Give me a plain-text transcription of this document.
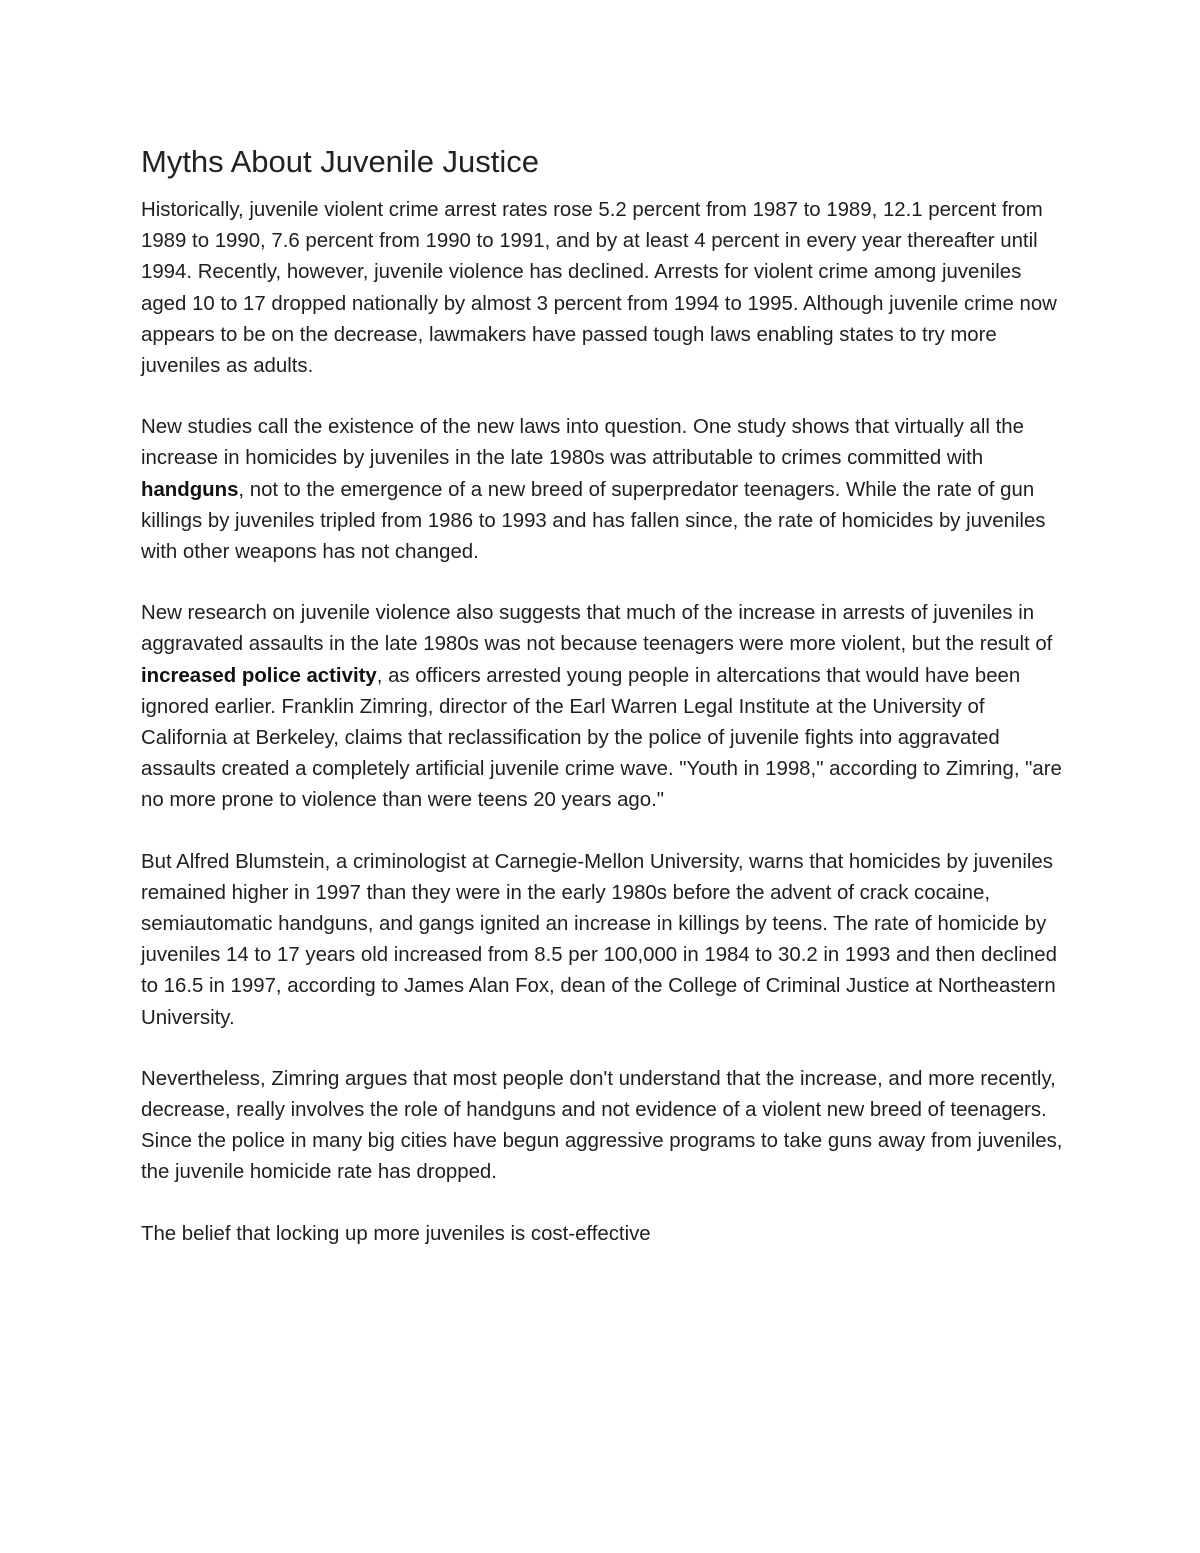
Myths About Juvenile Justice

Historically, juvenile violent crime arrest rates rose 5.2 percent from 1987 to 1989, 12.1 percent from 1989 to 1990, 7.6 percent from 1990 to 1991, and by at least 4 percent in every year thereafter until 1994. Recently, however, juvenile violence has declined. Arrests for violent crime among juveniles aged 10 to 17 dropped nationally by almost 3 percent from 1994 to 1995. Although juvenile crime now appears to be on the decrease, lawmakers have passed tough laws enabling states to try more juveniles as adults.

New studies call the existence of the new laws into question. One study shows that virtually all the increase in homicides by juveniles in the late 1980s was attributable to crimes committed with handguns, not to the emergence of a new breed of superpredator teenagers. While the rate of gun killings by juveniles tripled from 1986 to 1993 and has fallen since, the rate of homicides by juveniles with other weapons has not changed.

New research on juvenile violence also suggests that much of the increase in arrests of juveniles in aggravated assaults in the late 1980s was not because teenagers were more violent, but the result of increased police activity, as officers arrested young people in altercations that would have been ignored earlier. Franklin Zimring, director of the Earl Warren Legal Institute at the University of California at Berkeley, claims that reclassification by the police of juvenile fights into aggravated assaults created a completely artificial juvenile crime wave. "Youth in 1998," according to Zimring, "are no more prone to violence than were teens 20 years ago."

But Alfred Blumstein, a criminologist at Carnegie-Mellon University, warns that homicides by juveniles remained higher in 1997 than they were in the early 1980s before the advent of crack cocaine, semiautomatic handguns, and gangs ignited an increase in killings by teens. The rate of homicide by juveniles 14 to 17 years old increased from 8.5 per 100,000 in 1984 to 30.2 in 1993 and then declined to 16.5 in 1997, according to James Alan Fox, dean of the College of Criminal Justice at Northeastern University.

Nevertheless, Zimring argues that most people don't understand that the increase, and more recently, decrease, really involves the role of handguns and not evidence of a violent new breed of teenagers. Since the police in many big cities have begun aggressive programs to take guns away from juveniles, the juvenile homicide rate has dropped.

The belief that locking up more juveniles is cost-effective
